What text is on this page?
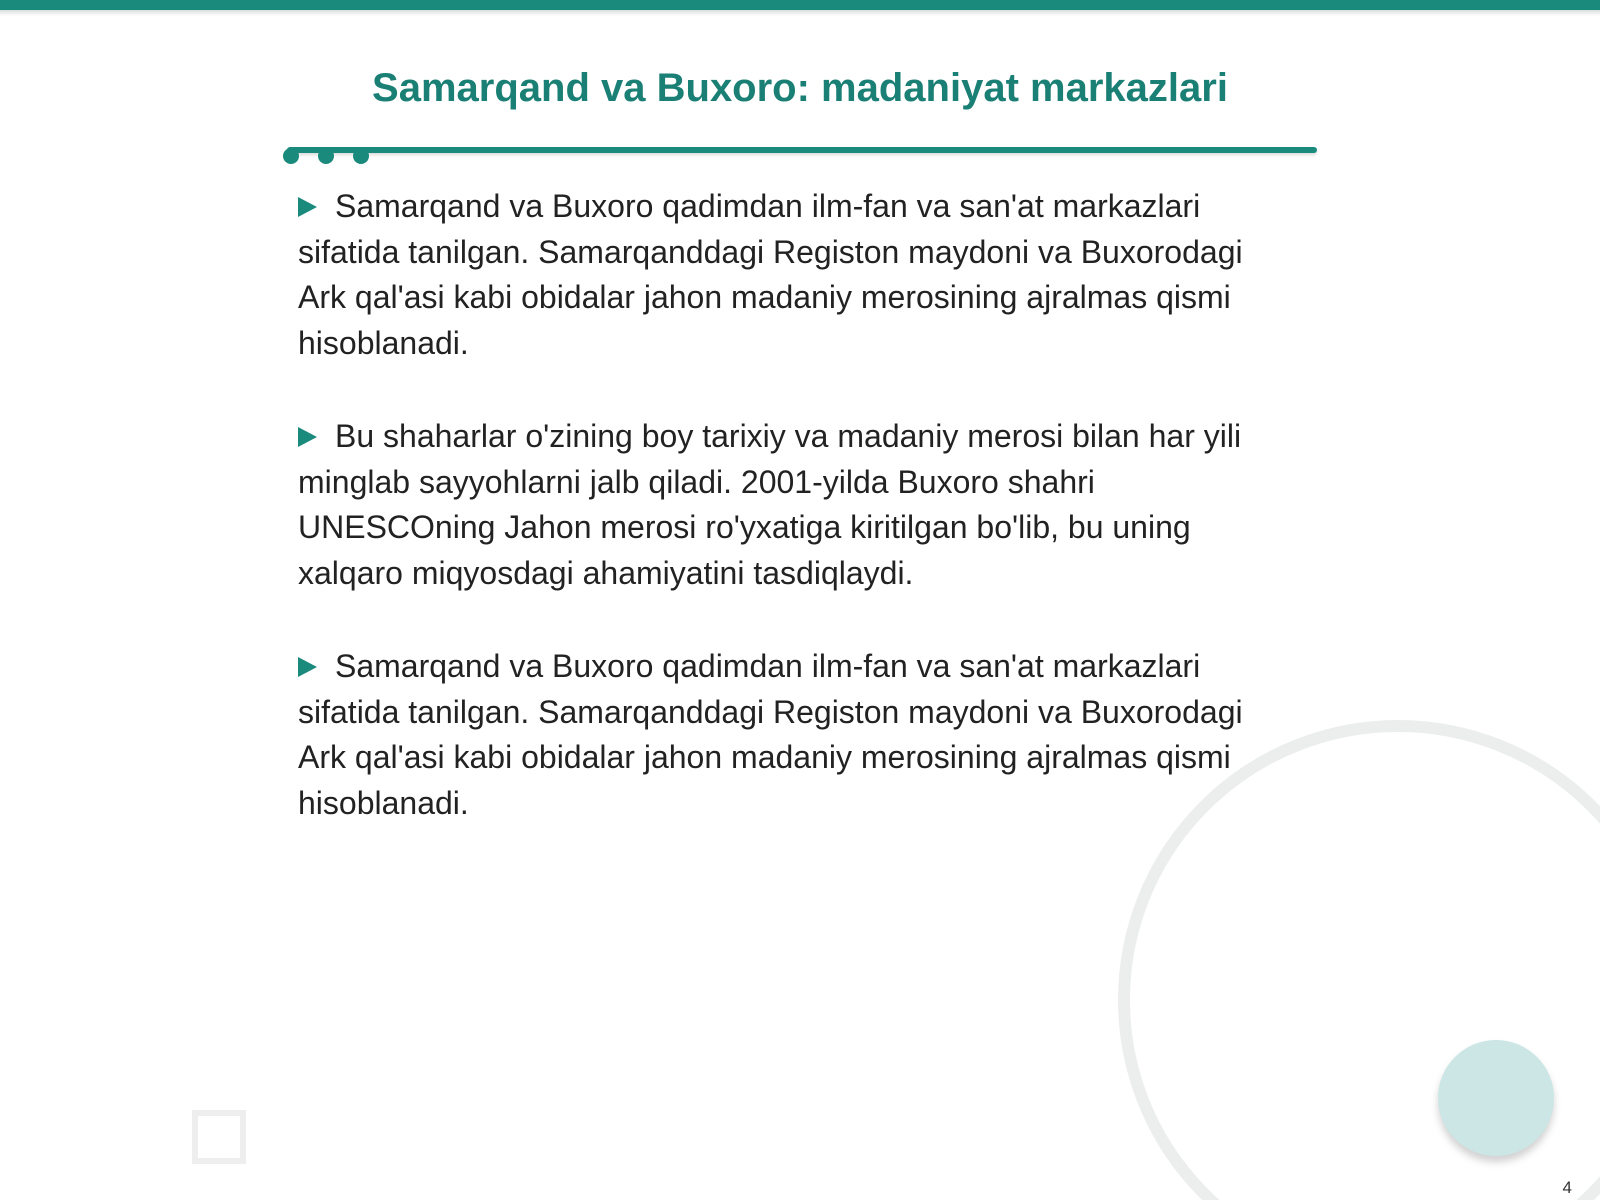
Samarqand va Buxoro: madaniyat markazlari

Samarqand va Buxoro qadimdan ilm-fan va san'at markazlari sifatida tanilgan. Samarqanddagi Registon maydoni va Buxorodagi Ark qal'asi kabi obidalar jahon madaniy merosining ajralmas qismi hisoblanadi.

Bu shaharlar o'zining boy tarixiy va madaniy merosi bilan har yili minglab sayyohlarni jalb qiladi. 2001-yilda Buxoro shahri UNESCOning Jahon merosi ro'yxatiga kiritilgan bo'lib, bu uning xalqaro miqyosdagi ahamiyatini tasdiqlaydi.

Samarqand va Buxoro qadimdan ilm-fan va san'at markazlari sifatida tanilgan. Samarqanddagi Registon maydoni va Buxorodagi Ark qal'asi kabi obidalar jahon madaniy merosining ajralmas qismi hisoblanadi.

4
